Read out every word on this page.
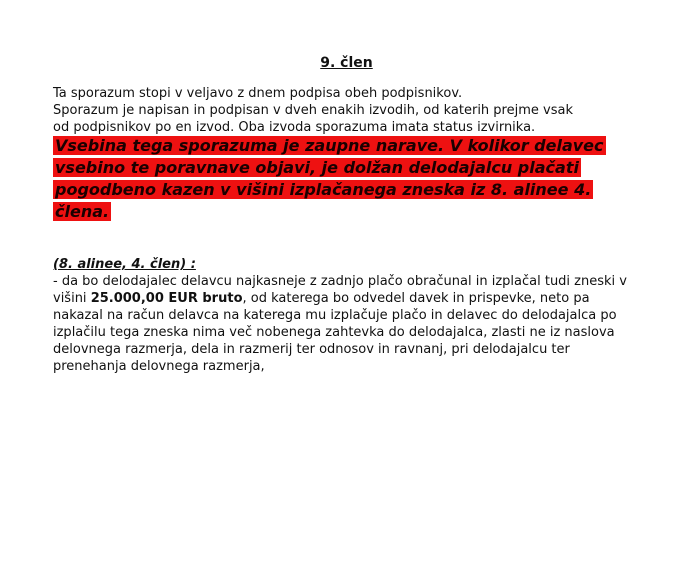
9. člen

Ta sporazum stopi v veljavo z dnem podpisa obeh podpisnikov.
Sporazum je napisan in podpisan v dveh enakih izvodih, od katerih prejme vsak
od podpisnikov po en izvod. Oba izvoda sporazuma imata status izvirnika.

Vsebina tega sporazuma je zaupne narave. V kolikor delavec vsebino te poravnave objavi, je dolžan delodajalcu plačati pogodbeno kazen v višini izplačanega zneska iz 8. alinee 4. člena.
(8. alinee, 4. člen) :

- da bo delodajalec delavcu najkasneje z zadnjo plačo obračunal in izplačal tudi zneski v višini 25.000,00 EUR bruto, od katerega bo odvedel davek in prispevke, neto pa nakazal na račun delavca na katerega mu izplačuje plačo in delavec do delodajalca po izplačilu tega zneska nima več nobenega zahtevka do delodajalca, zlasti ne iz naslova delovnega razmerja, dela in razmerij ter odnosov in ravnanj, pri delodajalcu ter prenehanja delovnega razmerja,
